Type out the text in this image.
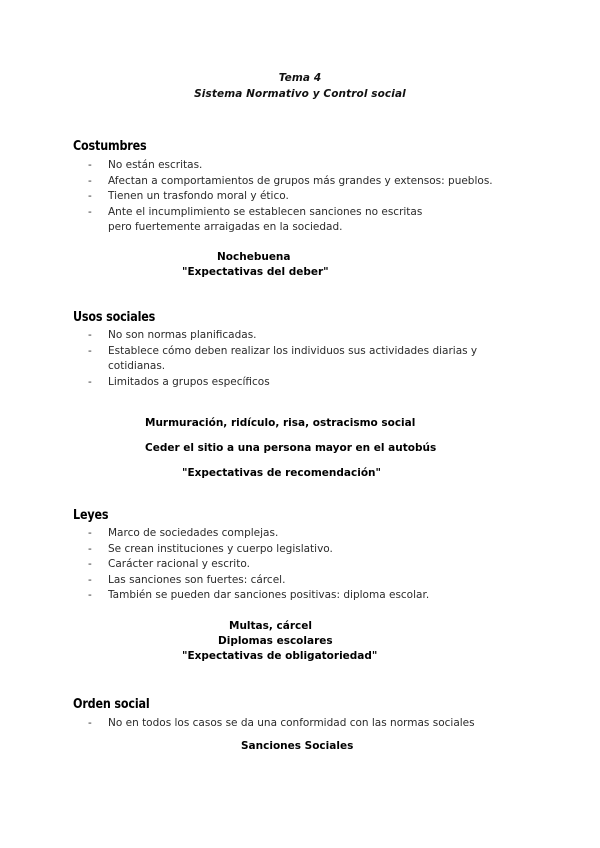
Tema 4
Sistema Normativo y Control social
Costumbres
- No están escritas.
- Afectan a comportamientos de grupos más grandes y extensos: pueblos.
- Tienen un trasfondo moral y ético.
- Ante el incumplimiento se establecen sanciones no escritas pero fuertemente arraigadas en la sociedad.
Nochebuena
"Expectativas del deber"
Usos sociales
- No son normas planificadas.
- Establece cómo deben realizar los individuos sus actividades diarias y cotidianas.
- Limitados a grupos específicos
Murmuración, ridículo, risa, ostracismo social
Ceder el sitio a una persona mayor en el autobús
"Expectativas de recomendación"
Leyes
- Marco de sociedades complejas.
- Se crean instituciones y cuerpo legislativo.
- Carácter racional y escrito.
- Las sanciones son fuertes: cárcel.
- También se pueden dar sanciones positivas: diploma escolar.
Multas, cárcel
Diplomas escolares
"Expectativas de obligatoriedad"
Orden social
- No en todos los casos se da una conformidad con las normas sociales
Sanciones Sociales
